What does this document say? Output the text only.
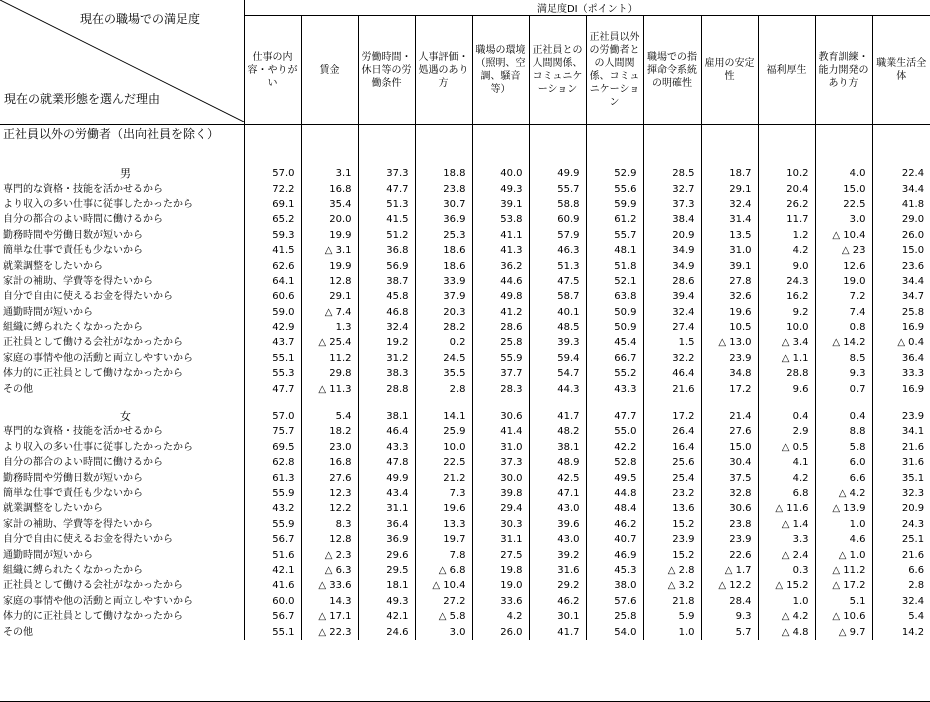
現在の職場での満足度
現在の就業形態を選んだ理由	満足度DI（ポイント）											
	仕事の内容・やりがい	賃金	労働時間・休日等の労働条件	人事評価・処遇のあり方	職場の環境（照明、空調、騒音等）	正社員との人間関係、コミュニケーション	正社員以外の労働者との人間関係、コミュニケーション	職場での指揮命令系統の明確性	雇用の安定性	福利厚生	教育訓練・能力開発のあり方	職業生活全体
正社員以外の労働者（出向社員を除く）												

男	57.0	3.1	37.3	18.8	40.0	49.9	52.9	28.5	18.7	10.2	4.0	22.4
専門的な資格・技能を活かせるから	72.2	16.8	47.7	23.8	49.3	55.7	55.6	32.7	29.1	20.4	15.0	34.4
より収入の多い仕事に従事したかったから	69.1	35.4	51.3	30.7	39.1	58.8	59.9	37.3	32.4	26.2	22.5	41.8
自分の都合のよい時間に働けるから	65.2	20.0	41.5	36.9	53.8	60.9	61.2	38.4	31.4	11.7	3.0	29.0
勤務時間や労働日数が短いから	59.3	19.9	51.2	25.3	41.1	57.9	55.7	20.9	13.5	1.2	△ 10.4	26.0
簡単な仕事で責任も少ないから	41.5	△ 3.1	36.8	18.6	41.3	46.3	48.1	34.9	31.0	4.2	△ 23	15.0
就業調整をしたいから	62.6	19.9	56.9	18.6	36.2	51.3	51.8	34.9	39.1	9.0	12.6	23.6
家計の補助、学費等を得たいから	64.1	12.8	38.7	33.9	44.6	47.5	52.1	28.6	27.8	24.3	19.0	34.4
自分で自由に使えるお金を得たいから	60.6	29.1	45.8	37.9	49.8	58.7	63.8	39.4	32.6	16.2	7.2	34.7
通勤時間が短いから	59.0	△ 7.4	46.8	20.3	41.2	40.1	50.9	32.4	19.6	9.2	7.4	25.8
組織に縛られたくなかったから	42.9	1.3	32.4	28.2	28.6	48.5	50.9	27.4	10.5	10.0	0.8	16.9
正社員として働ける会社がなかったから	43.7	△ 25.4	19.2	0.2	25.8	39.3	45.4	1.5	△ 13.0	△ 3.4	△ 14.2	△ 0.4
家庭の事情や他の活動と両立しやすいから	55.1	11.2	31.2	24.5	55.9	59.4	66.7	32.2	23.9	△ 1.1	8.5	36.4
体力的に正社員として働けなかったから	55.3	29.8	38.3	35.5	37.7	54.7	55.2	46.4	34.8	28.8	9.3	33.3
その他	47.7	△ 11.3	28.8	2.8	28.3	44.3	43.3	21.6	17.2	9.6	0.7	16.9

女	57.0	5.4	38.1	14.1	30.6	41.7	47.7	17.2	21.4	0.4	0.4	23.9
専門的な資格・技能を活かせるから	75.7	18.2	46.4	25.9	41.4	48.2	55.0	26.4	27.6	2.9	8.8	34.1
より収入の多い仕事に従事したかったから	69.5	23.0	43.3	10.0	31.0	38.1	42.2	16.4	15.0	△ 0.5	5.8	21.6
自分の都合のよい時間に働けるから	62.8	16.8	47.8	22.5	37.3	48.9	52.8	25.6	30.4	4.1	6.0	31.6
勤務時間や労働日数が短いから	61.3	27.6	49.9	21.2	30.0	42.5	49.5	25.4	37.5	4.2	6.6	35.1
簡単な仕事で責任も少ないから	55.9	12.3	43.4	7.3	39.8	47.1	44.8	23.2	32.8	6.8	△ 4.2	32.3
就業調整をしたいから	43.2	12.2	31.1	19.6	29.4	43.0	48.4	13.6	30.6	△ 11.6	△ 13.9	20.9
家計の補助、学費等を得たいから	55.9	8.3	36.4	13.3	30.3	39.6	46.2	15.2	23.8	△ 1.4	1.0	24.3
自分で自由に使えるお金を得たいから	56.7	12.8	36.9	19.7	31.1	43.0	40.7	23.9	23.9	3.3	4.6	25.1
通勤時間が短いから	51.6	△ 2.3	29.6	7.8	27.5	39.2	46.9	15.2	22.6	△ 2.4	△ 1.0	21.6
組織に縛られたくなかったから	42.1	△ 6.3	29.5	△ 6.8	19.8	31.6	45.3	△ 2.8	△ 1.7	0.3	△ 11.2	6.6
正社員として働ける会社がなかったから	41.6	△ 33.6	18.1	△ 10.4	19.0	29.2	38.0	△ 3.2	△ 12.2	△ 15.2	△ 17.2	2.8
家庭の事情や他の活動と両立しやすいから	60.0	14.3	49.3	27.2	33.6	46.2	57.6	21.8	28.4	1.0	5.1	32.4
体力的に正社員として働けなかったから	56.7	△ 17.1	42.1	△ 5.8	4.2	30.1	25.8	5.9	9.3	△ 4.2	△ 10.6	5.4
その他	55.1	△ 22.3	24.6	3.0	26.0	41.7	54.0	1.0	5.7	△ 4.8	△ 9.7	14.2
